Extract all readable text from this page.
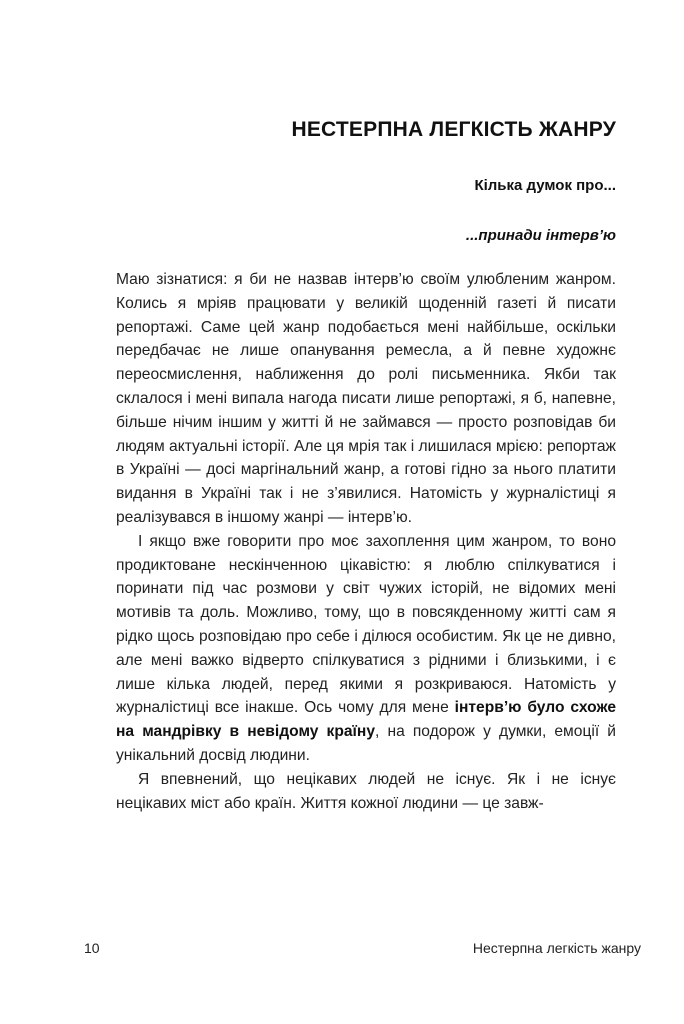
НЕСТЕРПНА ЛЕГКІСТЬ ЖАНРУ
Кілька думок про...
...принади інтерв’ю

Маю зізнатися: я би не назвав інтерв’ю своїм улюбленим жанром. Колись я мріяв працювати у великій щоденній газеті й писати репортажі. Саме цей жанр подобається мені найбільше, оскільки передбачає не лише опанування ремесла, а й певне художнє переосмислення, наближення до ролі письменника. Якби так склалося і мені випала нагода писати лише репортажі, я б, напевне, більше нічим іншим у житті й не займався — просто розповідав би людям актуальні історії. Але ця мрія так і лишилася мрією: репортаж в Україні — досі маргінальний жанр, а готові гідно за нього платити видання в Україні так і не з’явилися. Натомість у журналістиці я реалізувався в іншому жанрі — інтерв’ю.

І якщо вже говорити про моє захоплення цим жанром, то воно продиктоване нескінченною цікавістю: я люблю спілкуватися і поринати під час розмови у світ чужих історій, не відомих мені мотивів та доль. Можливо, тому, що в повсякденному житті сам я рідко щось розповідаю про себе і ділюся особистим. Як це не дивно, але мені важко відверто спілкуватися з рідними і близькими, і є лише кілька людей, перед якими я розкриваюся. Натомість у журналістиці все інакше. Ось чому для мене інтерв’ю було схоже на мандрівку в невідому країну, на подорож у думки, емоції й унікальний досвід людини.

Я впевнений, що нецікавих людей не існує. Як і не існує нецікавих міст або країн. Життя кожної людини — це завж-

10	Нестерпна легкість жанру
